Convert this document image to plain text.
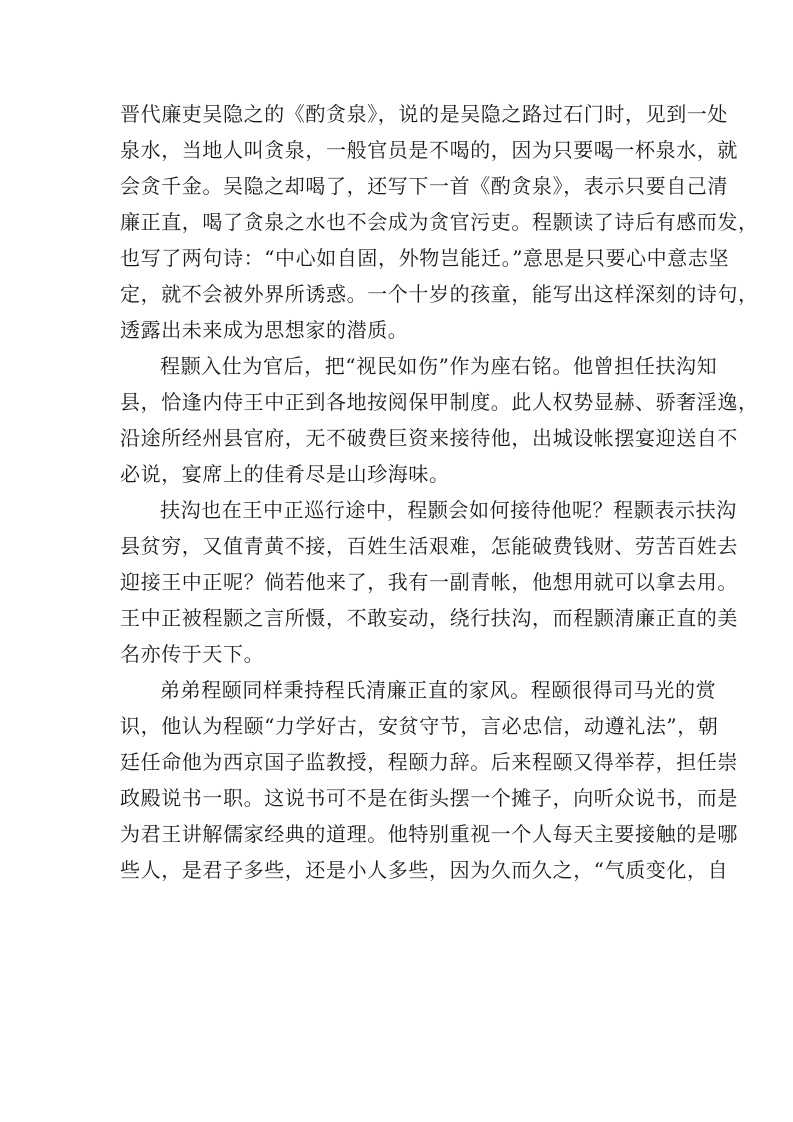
晋代廉吏吴隐之的《酌贪泉》，说的是吴隐之路过石门时，见到一处
泉水，当地人叫贪泉，一般官员是不喝的，因为只要喝一杯泉水，就
会贪千金。吴隐之却喝了，还写下一首《酌贪泉》，表示只要自己清
廉正直，喝了贪泉之水也不会成为贪官污吏。程颢读了诗后有感而发，
也写了两句诗：“中心如自固，外物岂能迁。”意思是只要心中意志坚
定，就不会被外界所诱惑。一个十岁的孩童，能写出这样深刻的诗句，
透露出未来成为思想家的潜质。
程颢入仕为官后，把“视民如伤”作为座右铭。他曾担任扶沟知
县，恰逢内侍王中正到各地按阅保甲制度。此人权势显赫、骄奢淫逸，
沿途所经州县官府，无不破费巨资来接待他，出城设帐摆宴迎送自不
必说，宴席上的佳肴尽是山珍海味。
扶沟也在王中正巡行途中，程颢会如何接待他呢？程颢表示扶沟
县贫穷，又值青黄不接，百姓生活艰难，怎能破费钱财、劳苦百姓去
迎接王中正呢？倘若他来了，我有一副青帐，他想用就可以拿去用。
王中正被程颢之言所慑，不敢妄动，绕行扶沟，而程颢清廉正直的美
名亦传于天下。
弟弟程颐同样秉持程氏清廉正直的家风。程颐很得司马光的赏
识，他认为程颐“力学好古，安贫守节，言必忠信，动遵礼法”，朝
廷任命他为西京国子监教授，程颐力辞。后来程颐又得举荐，担任崇
政殿说书一职。这说书可不是在街头摆一个摊子，向听众说书，而是
为君王讲解儒家经典的道理。他特别重视一个人每天主要接触的是哪
些人，是君子多些，还是小人多些，因为久而久之，“气质变化，自
